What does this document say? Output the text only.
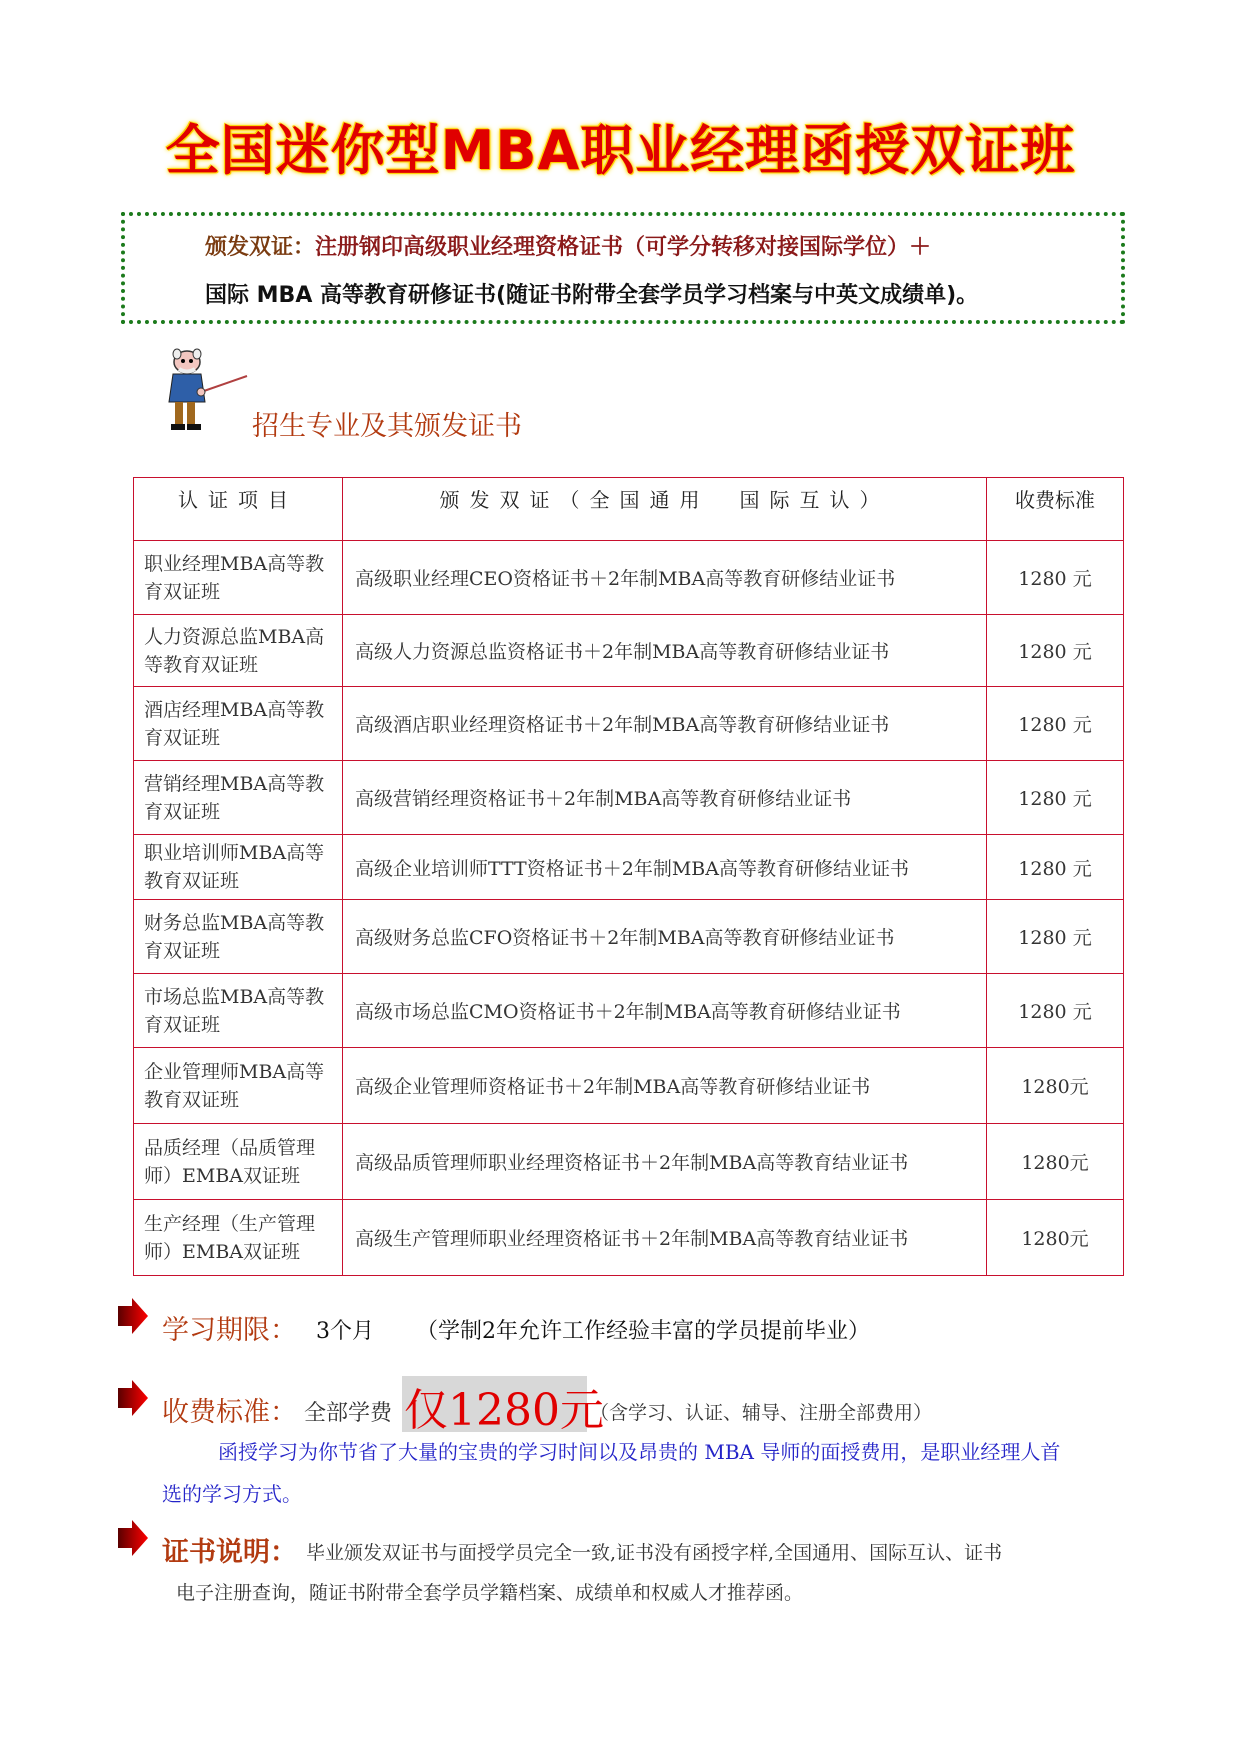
全国迷你型MBA职业经理函授双证班
颁发双证：注册钢印高级职业经理资格证书（可学分转移对接国际学位）＋
国际 MBA 高等教育研修证书(随证书附带全套学员学习档案与中英文成绩单)。
招生专业及其颁发证书
认证项目	颁发双证（全国通用　国际互认）	收费标准
职业经理MBA高等教育双证班	高级职业经理CEO资格证书＋2年制MBA高等教育研修结业证书	1280 元
人力资源总监MBA高等教育双证班	高级人力资源总监资格证书＋2年制MBA高等教育研修结业证书	1280 元
酒店经理MBA高等教育双证班	高级酒店职业经理资格证书＋2年制MBA高等教育研修结业证书	1280 元
营销经理MBA高等教育双证班	高级营销经理资格证书＋2年制MBA高等教育研修结业证书	1280 元
职业培训师MBA高等教育双证班	高级企业培训师TTT资格证书＋2年制MBA高等教育研修结业证书	1280 元
财务总监MBA高等教育双证班	高级财务总监CFO资格证书＋2年制MBA高等教育研修结业证书	1280 元
市场总监MBA高等教育双证班	高级市场总监CMO资格证书＋2年制MBA高等教育研修结业证书	1280 元
企业管理师MBA高等教育双证班	高级企业管理师资格证书＋2年制MBA高等教育研修结业证书	1280元
品质经理（品质管理师）EMBA双证班	高级品质管理师职业经理资格证书＋2年制MBA高等教育结业证书	1280元
生产经理（生产管理师）EMBA双证班	高级生产管理师职业经理资格证书＋2年制MBA高等教育结业证书	1280元
学习期限： 3个月 （学制2年允许工作经验丰富的学员提前毕业）
收费标准： 全部学费 仅1280元
（含学习、认证、辅导、注册全部费用）
函授学习为你节省了大量的宝贵的学习时间以及昂贵的 MBA 导师的面授费用，是职业经理人首
选的学习方式。
证书说明： 毕业颁发双证书与面授学员完全一致,证书没有函授字样,全国通用、国际互认、证书
电子注册查询，随证书附带全套学员学籍档案、成绩单和权威人才推荐函。
